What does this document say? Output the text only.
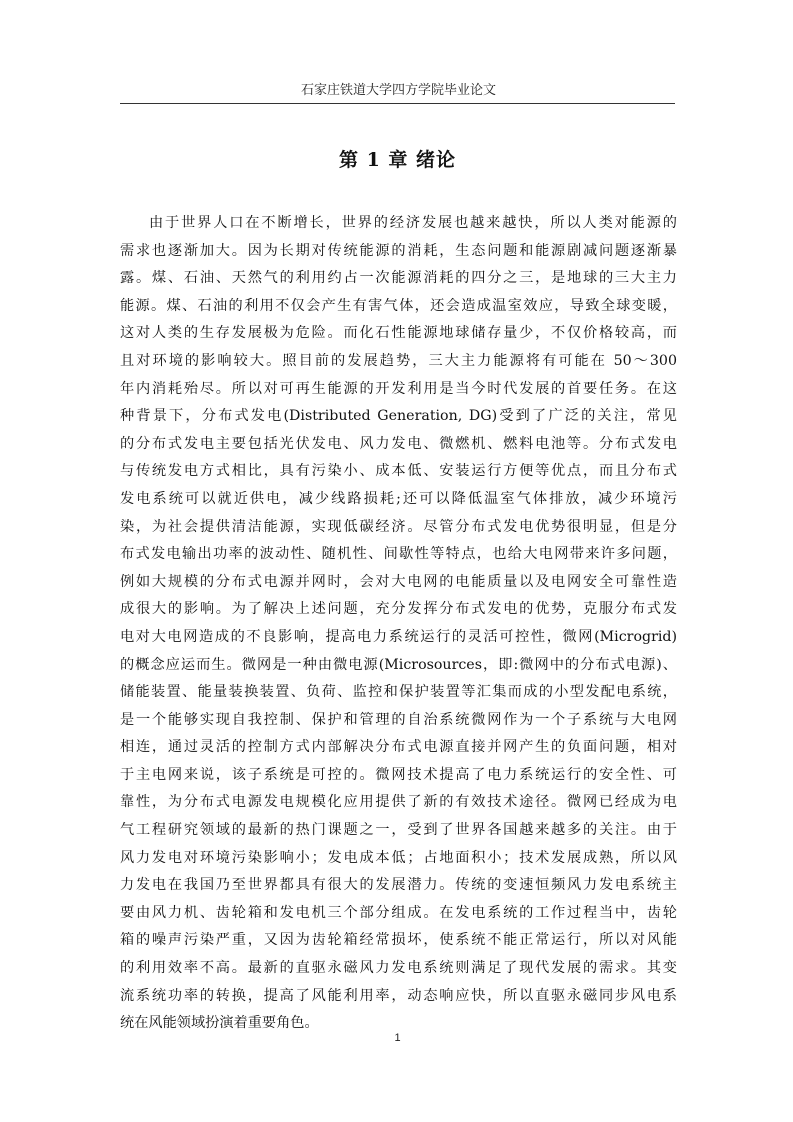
石家庄铁道大学四方学院毕业论文
第 1 章 绪论
由于世界人口在不断增长，世界的经济发展也越来越快，所以人类对能源的
需求也逐渐加大。因为长期对传统能源的消耗，生态问题和能源剧减问题逐渐暴
露。煤、石油、天然气的利用约占一次能源消耗的四分之三，是地球的三大主力
能源。煤、石油的利用不仅会产生有害气体，还会造成温室效应，导致全球变暖，
这对人类的生存发展极为危险。而化石性能源地球储存量少，不仅价格较高，而
且对环境的影响较大。照目前的发展趋势，三大主力能源将有可能在 50～300
年内消耗殆尽。所以对可再生能源的开发利用是当今时代发展的首要任务。在这
种背景下，分布式发电(Distributed Generation, DG)受到了广泛的关注，常见
的分布式发电主要包括光伏发电、风力发电、微燃机、燃料电池等。分布式发电
与传统发电方式相比，具有污染小、成本低、安装运行方便等优点，而且分布式
发电系统可以就近供电，减少线路损耗;还可以降低温室气体排放，减少环境污
染，为社会提供清洁能源，实现低碳经济。尽管分布式发电优势很明显，但是分
布式发电输出功率的波动性、随机性、间歇性等特点，也给大电网带来许多问题，
例如大规模的分布式电源并网时，会对大电网的电能质量以及电网安全可靠性造
成很大的影响。为了解决上述问题，充分发挥分布式发电的优势，克服分布式发
电对大电网造成的不良影响，提高电力系统运行的灵活可控性，微网(Microgrid)
的概念应运而生。微网是一种由微电源(Microsources，即:微网中的分布式电源)、
储能装置、能量装换装置、负荷、监控和保护装置等汇集而成的小型发配电系统，
是一个能够实现自我控制、保护和管理的自治系统微网作为一个子系统与大电网
相连，通过灵活的控制方式内部解决分布式电源直接并网产生的负面问题，相对
于主电网来说，该子系统是可控的。微网技术提高了电力系统运行的安全性、可
靠性，为分布式电源发电规模化应用提供了新的有效技术途径。微网已经成为电
气工程研究领域的最新的热门课题之一，受到了世界各国越来越多的关注。由于
风力发电对环境污染影响小；发电成本低；占地面积小；技术发展成熟，所以风
力发电在我国乃至世界都具有很大的发展潜力。传统的变速恒频风力发电系统主
要由风力机、齿轮箱和发电机三个部分组成。在发电系统的工作过程当中，齿轮
箱的噪声污染严重，又因为齿轮箱经常损坏，使系统不能正常运行，所以对风能
的利用效率不高。最新的直驱永磁风力发电系统则满足了现代发展的需求。其变
流系统功率的转换，提高了风能利用率，动态响应快，所以直驱永磁同步风电系
统在风能领域扮演着重要角色。
1
